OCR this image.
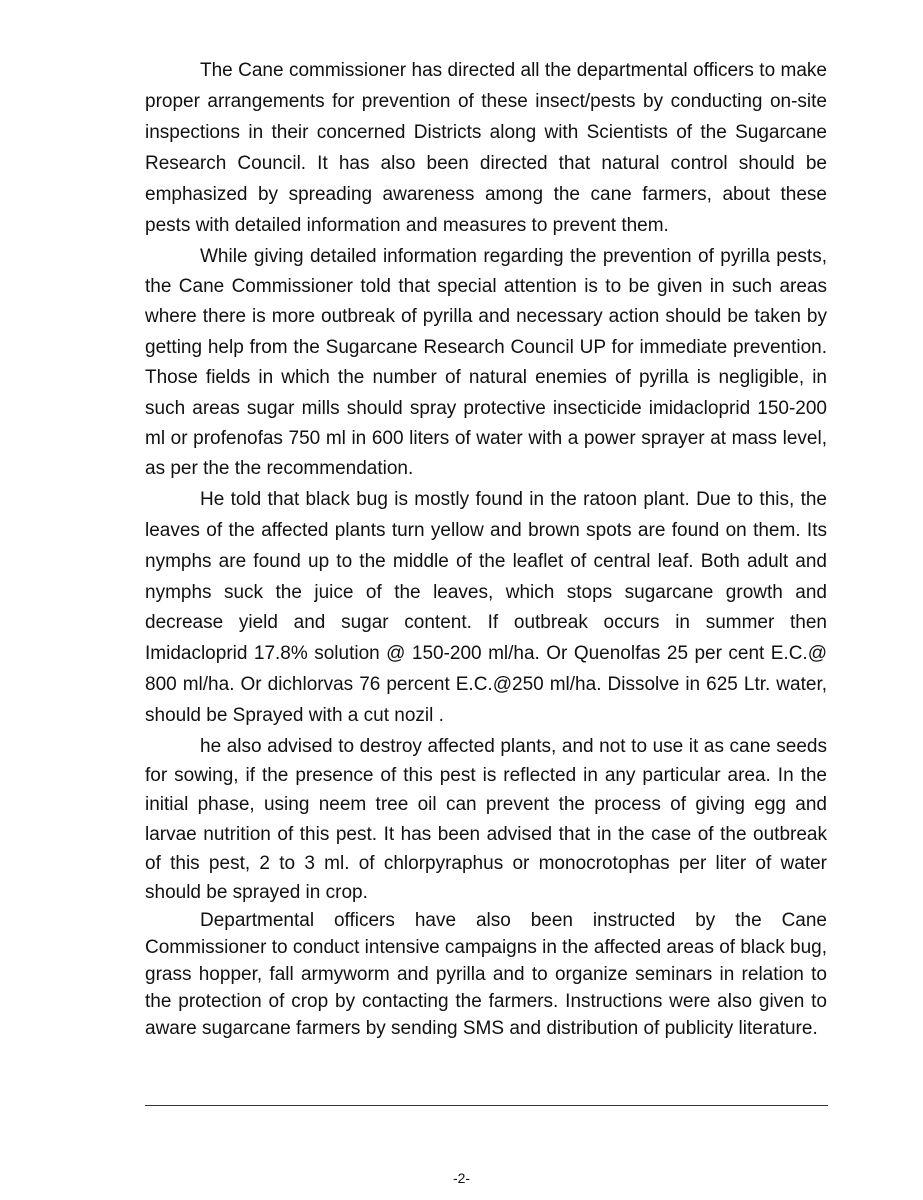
The Cane commissioner has directed all the departmental officers to make proper arrangements for prevention of these insect/pests by conducting on-site inspections in their concerned Districts along with Scientists of the Sugarcane Research Council. It has also been directed that natural control should be emphasized by spreading awareness among the cane farmers, about these pests with detailed information and measures to prevent them.

While giving detailed information regarding the prevention of pyrilla pests, the Cane Commissioner told that special attention is to be given in such areas where there is more outbreak of pyrilla and necessary action should be taken by getting help from the Sugarcane Research Council UP for immediate prevention. Those fields in which the number of natural enemies of pyrilla is negligible, in such areas sugar mills should spray protective insecticide imidacloprid 150-200 ml or profenofas 750 ml in 600 liters of water with a power sprayer at mass level, as per the the recommendation.

He told that black bug is mostly found in the ratoon plant. Due to this, the leaves of the affected plants turn yellow and brown spots are found on them. Its nymphs are found up to the middle of the leaflet of central leaf. Both adult and nymphs suck the juice of the leaves, which stops sugarcane growth and decrease yield and sugar content. If outbreak occurs in summer then Imidacloprid 17.8% solution @ 150-200 ml/ha. Or Quenolfas 25 per cent E.C.@ 800 ml/ha. Or dichlorvas 76 percent E.C.@250 ml/ha. Dissolve in 625 Ltr. water, should be Sprayed with a cut nozil .

he also advised to destroy affected plants, and not to use it as cane seeds for sowing, if the presence of this pest is reflected in any particular area. In the initial phase, using neem tree oil can prevent the process of giving egg and larvae nutrition of this pest. It has been advised that in the case of the outbreak of this pest, 2 to 3 ml. of chlorpyraphus or monocrotophas per liter of water should be sprayed in crop.

Departmental officers have also been instructed by the Cane Commissioner to conduct intensive campaigns in the affected areas of black bug, grass hopper, fall armyworm and pyrilla and to organize seminars in relation to the protection of crop by contacting the farmers. Instructions were also given to aware sugarcane farmers by sending SMS and distribution of publicity literature.

-2-
